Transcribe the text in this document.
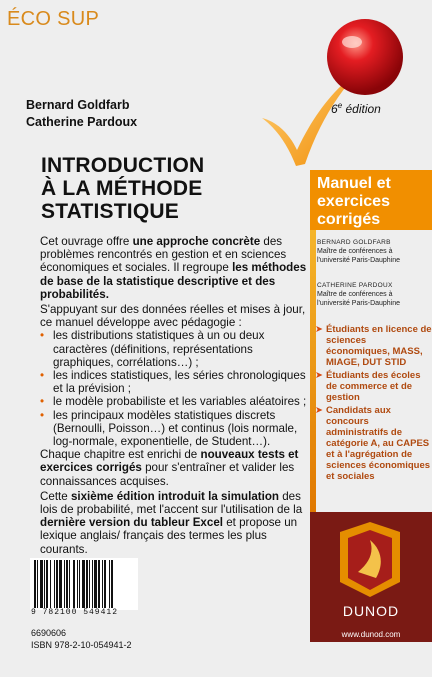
ÉCO SUP
Bernard Goldfarb
Catherine Pardoux
6e édition
INTRODUCTION
À LA MÉTHODE
STATISTIQUE
Manuel et
exercices
corrigés
BERNARD GOLDFARB
Maître de conférences à
l'université Paris-Dauphine
CATHERINE PARDOUX
Maître de conférences à
l'université Paris-Dauphine
➤ Étudiants en licence de sciences économiques, MASS, MIAGE, DUT STID
➤ Étudiants des écoles de commerce et de gestion
➤ Candidats aux concours administratifs de catégorie A, au CAPES et à l'agrégation de sciences économiques et sociales

Cet ouvrage offre une approche concrète des problèmes rencontrés en gestion et en sciences économiques et sociales. Il regroupe les méthodes de base de la statistique descriptive et des probabilités.

S'appuyant sur des données réelles et mises à jour, ce manuel développe avec pédagogie :

• les distributions statistiques à un ou deux caractères (définitions, représentations graphiques, corrélations…) ;
• les indices statistiques, les séries chronologiques et la prévision ;
• le modèle probabiliste et les variables aléatoires ;
• les principaux modèles statistiques discrets (Bernoulli, Poisson…) et continus (lois normale, log-normale, exponentielle, de Student…).

Chaque chapitre est enrichi de nouveaux tests et exercices corrigés pour s'entraîner et valider les connaissances acquises.

Cette sixième édition introduit la simulation des lois de probabilité, met l'accent sur l'utilisation de la dernière version du tableur Excel et propose un lexique anglais/ français des termes les plus courants.

9 782100 549412
6690606
ISBN 978-2-10-054941-2
DUNOD
www.dunod.com
